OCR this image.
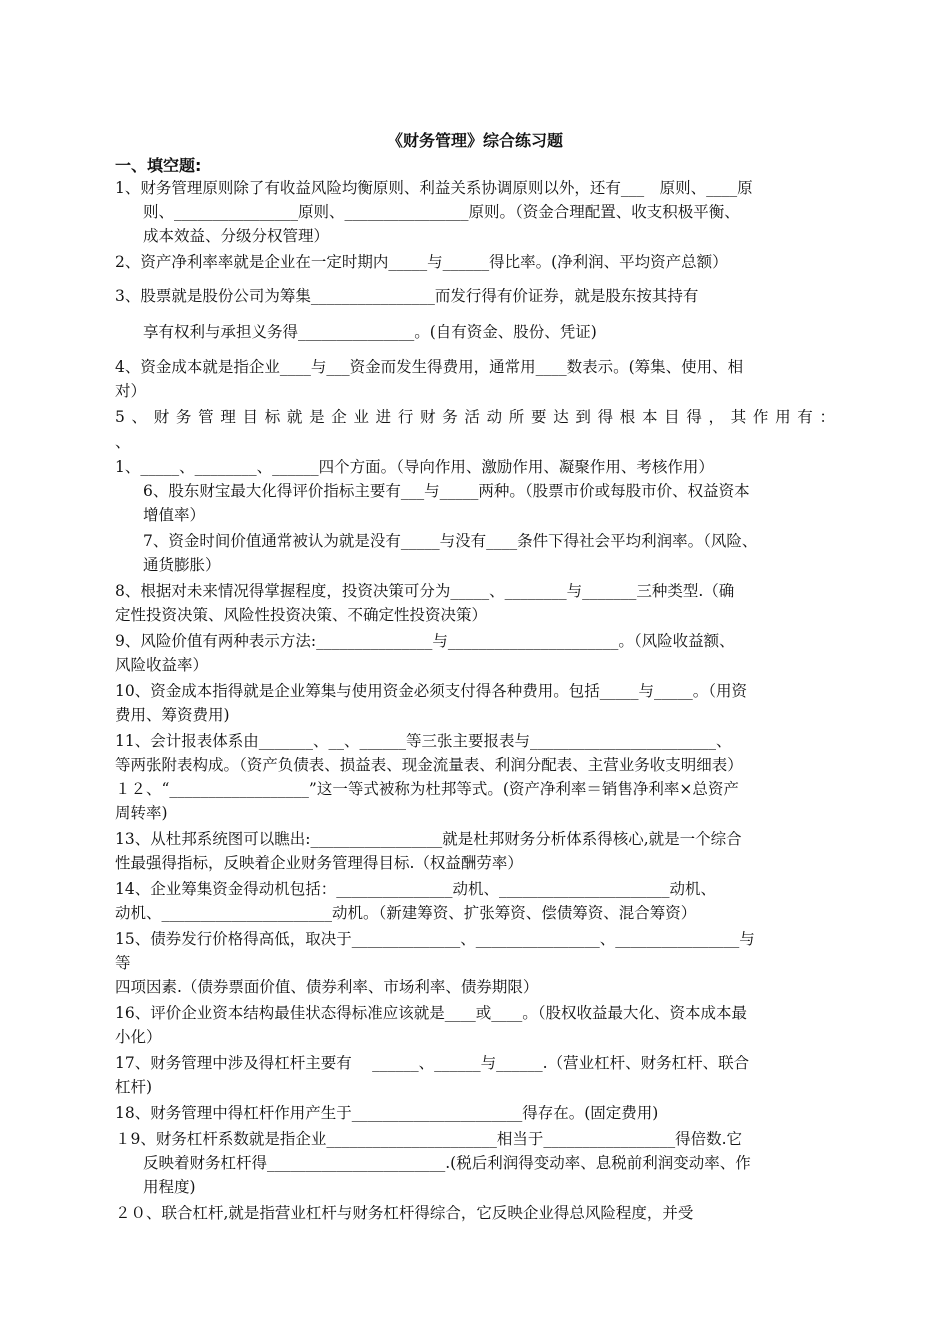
《财务管理》综合练习题
一、填空题:
1、财务管理原则除了有收益风险均衡原则、利益关系协调原则以外，还有___　原则、____原
则、________________原则、________________原则。（资金合理配置、收支积极平衡、
成本效益、分级分权管理）
2、资产净利率率就是企业在一定时期内_____与______得比率。(净利润、平均资产总额）
3、股票就是股份公司为筹集________________而发行得有价证券，就是股东按其持有
享有权利与承担义务得_______________。(自有资金、股份、凭证)
4、资金成本就是指企业____与___资金而发生得费用，通常用____数表示。(筹集、使用、相
对）
5、财务管理目标就是企业进行财务活动所要达到得根本目得，其作用有：
、
1、_____、________、______四个方面。（导向作用、激励作用、凝聚作用、考核作用）
6、股东财宝最大化得评价指标主要有___与_____两种。（股票市价或每股市价、权益资本
增值率）
7、资金时间价值通常被认为就是没有_____与没有____条件下得社会平均利润率。（风险、
通货膨胀）
8、根据对未来情况得掌握程度，投资决策可分为_____、________与_______三种类型.（确
定性投资决策、风险性投资决策、不确定性投资决策）
9、风险价值有两种表示方法:_______________与______________________。（风险收益额、
风险收益率）
10、资金成本指得就是企业筹集与使用资金必须支付得各种费用。包括_____与_____。（用资
费用、筹资费用)
11、会计报表体系由_______、__、______等三张主要报表与________________________、
等两张附表构成。（资产负债表、损益表、现金流量表、利润分配表、主营业务收支明细表）
１２、“__________________”这一等式被称为杜邦等式。(资产净利率＝销售净利率×总资产
周转率)
13、从杜邦系统图可以瞧出:_________________就是杜邦财务分析体系得核心,就是一个综合
性最强得指标，反映着企业财务管理得目标.（权益酬劳率）
14、企业筹集资金得动机包括：_______________动机、______________________动机、
动机、______________________动机。（新建筹资、扩张筹资、偿债筹资、混合筹资）
15、债券发行价格得高低，取决于______________、________________、________________与
等
四项因素.（债券票面价值、债券利率、市场利率、债券期限）
16、评价企业资本结构最佳状态得标准应该就是____或____。（股权收益最大化、资本成本最
小化）
17、财务管理中涉及得杠杆主要有　 ______、______与______.（营业杠杆、财务杠杆、联合
杠杆)
18、财务管理中得杠杆作用产生于______________________得存在。(固定费用)
１9、财务杠杆系数就是指企业______________________相当于_________________得倍数.它
反映着财务杠杆得_______________________.(税后利润得变动率、息税前利润变动率、作
用程度)
２０、联合杠杆,就是指营业杠杆与财务杠杆得综合，它反映企业得总风险程度，并受
